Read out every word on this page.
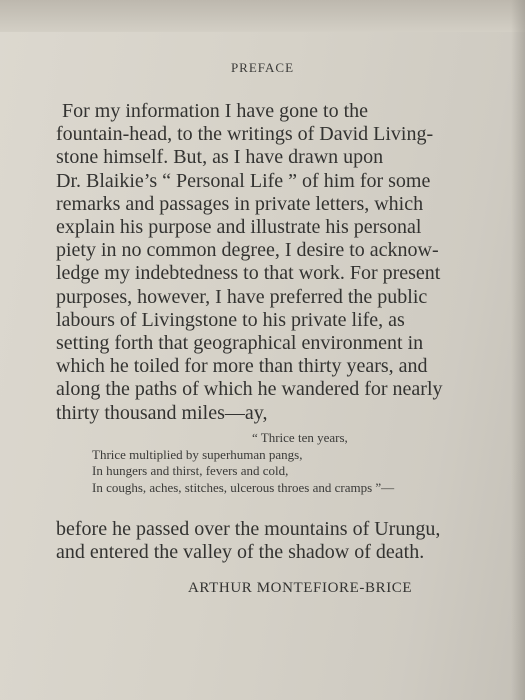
PREFACE
For my information I have gone to the
fountain-head, to the writings of David Living-
stone himself. But, as I have drawn upon
Dr. Blaikie’s “ Personal Life ” of him for some
remarks and passages in private letters, which
explain his purpose and illustrate his personal
piety in no common degree, I desire to acknow-
ledge my indebtedness to that work. For present
purposes, however, I have preferred the public
labours of Livingstone to his private life, as
setting forth that geographical environment in
which he toiled for more than thirty years, and
along the paths of which he wandered for nearly
thirty thousand miles—ay,
“ Thrice ten years,
Thrice multiplied by superhuman pangs,
In hungers and thirst, fevers and cold,
In coughs, aches, stitches, ulcerous throes and cramps ”—
before he passed over the mountains of Urungu,
and entered the valley of the shadow of death.
ARTHUR MONTEFIORE-BRICE
